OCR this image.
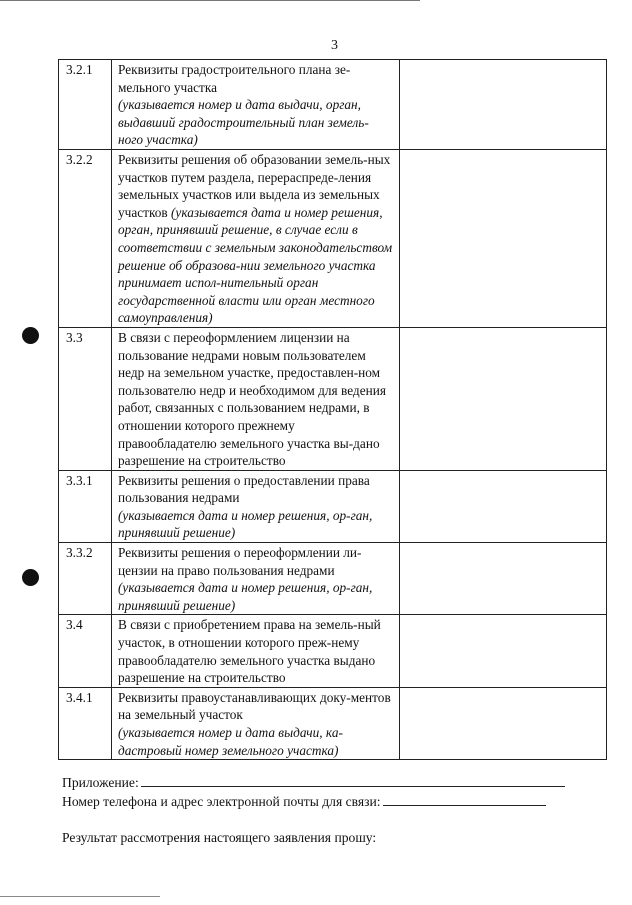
3
3.2.1	Реквизиты градостроительного плана зе-мельного участка
(указывается номер и дата выдачи, орган, выдавший градостроительный план земель-ного участка)	

3.2.2	Реквизиты решения об образовании земель-ных участков путем раздела, перераспреде-ления земельных участков или выдела из земельных участков (указывается дата и номер решения, орган, принявший решение, в случае если в соответствии с земельным законодательством решение об образова-нии земельного участка принимает испол-нительный орган государственной власти или орган местного самоуправления)	
3.3	В связи с переоформлением лицензии на пользование недрами новым пользователем недр на земельном участке, предоставлен-ном пользователю недр и необходимом для ведения работ, связанных с пользованием недрами, в отношении которого прежнему правообладателю земельного участка вы-дано разрешение на строительство	

3.3.1	Реквизиты решения о предоставлении права пользования недрами
(указывается дата и номер решения, ор-ган, принявший решение)	

3.3.2	Реквизиты решения о переоформлении ли-цензии на право пользования недрами
(указывается дата и номер решения, ор-ган, принявший решение)	

3.4	В связи с приобретением права на земель-ный участок, в отношении которого преж-нему правообладателю земельного участка выдано разрешение на строительство	

3.4.1	Реквизиты правоустанавливающих доку-ментов на земельный участок
(указывается номер и дата выдачи, ка-дастровый номер земельного участка)	

Приложение:
Номер телефона и адрес электронной почты для связи:
Результат рассмотрения настоящего заявления прошу:
